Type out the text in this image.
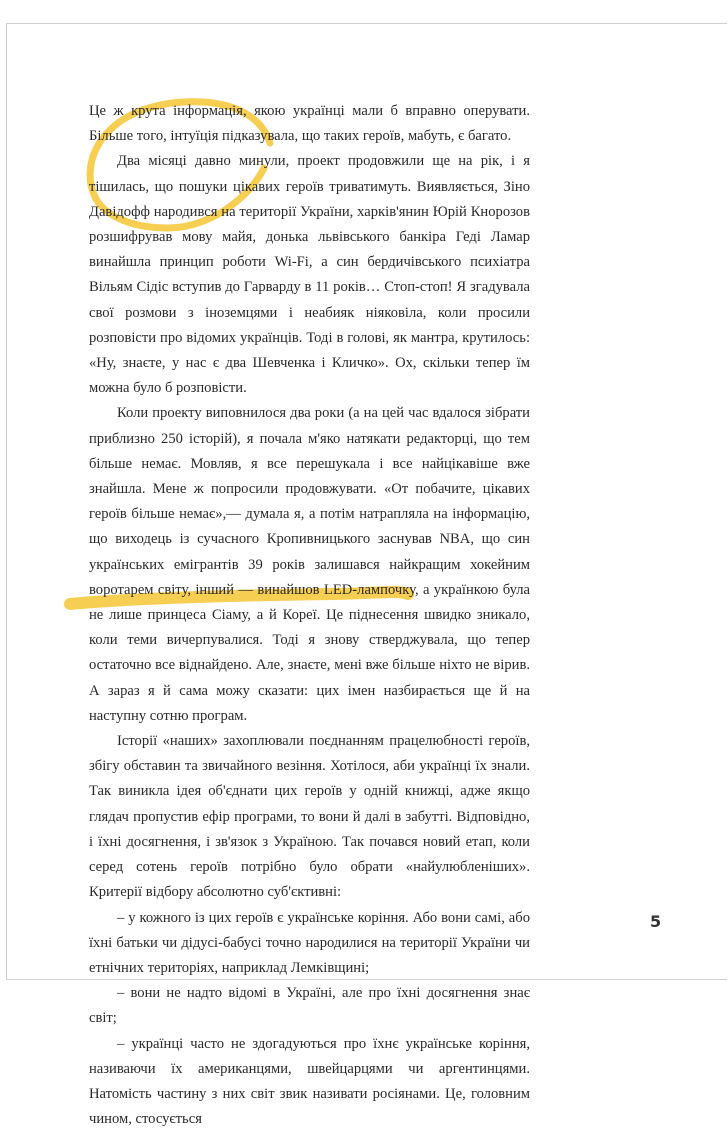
Це ж крута інформація, якою українці мали б вправно оперувати. Більше того, інтуїція підказувала, що таких героїв, мабуть, є багато.

Два місяці давно минули, проект продовжили ще на рік, і я тішилась, що пошуки цікавих героїв триватимуть. Виявляється, Зіно Давідофф народився на території України, харків'янин Юрій Кнорозов розшифрував мову майя, донька львівського банкіра Геді Ламар винайшла принцип роботи Wi-Fi, а син бердичівського психіатра Вільям Сідіс вступив до Гарварду в 11 років… Стоп-стоп! Я згадувала свої розмови з іноземцями і неабияк ніяковіла, коли просили розповісти про відомих українців. Тоді в голові, як мантра, крутилось: «Ну, знаєте, у нас є два Шевченка і Кличко». Ох, скільки тепер їм можна було б розповісти.

Коли проекту виповнилося два роки (а на цей час вдалося зібрати приблизно 250 історій), я почала м'яко натякати редакторці, що тем більше немає. Мовляв, я все перешукала і все найцікавіше вже знайшла. Мене ж попросили продовжувати. «От побачите, цікавих героїв більше немає»,— думала я, а потім натрапляла на інформацію, що виходець із сучасного Кропивницького заснував NBA, що син українських емігрантів 39 років залишався найкращим хокейним воротарем світу, інший — винайшов LED-лампочку, а українкою була не лише принцеса Сіаму, а й Кореї. Це піднесення швидко зникало, коли теми вичерпувалися. Тоді я знову стверджувала, що тепер остаточно все віднайдено. Але, знаєте, мені вже більше ніхто не вірив. А зараз я й сама можу сказати: цих імен назбирається ще й на наступну сотню програм.

Історії «наших» захоплювали поєднанням працелюбності героїв, збігу обставин та звичайного везіння. Хотілося, аби українці їх знали. Так виникла ідея об'єднати цих героїв у одній книжці, адже якщо глядач пропустив ефір програми, то вони й далі в забутті. Відповідно, і їхні досягнення, і зв'язок з Україною. Так почався новий етап, коли серед сотень героїв потрібно було обрати «найулюбленіших». Критерії відбору абсолютно суб'єктивні:

– у кожного із цих героїв є українське коріння. Або вони самі, або їхні батьки чи дідусі-бабусі точно народилися на території України чи етнічних територіях, наприклад Лемківщині;

– вони не надто відомі в Україні, але про їхні досягнення знає світ;

– українці часто не здогадуються про їхнє українське коріння, називаючи їх американцями, швейцарцями чи аргентинцями. Натомість частину з них світ звик називати росіянами. Це, головним чином, стосується

5
